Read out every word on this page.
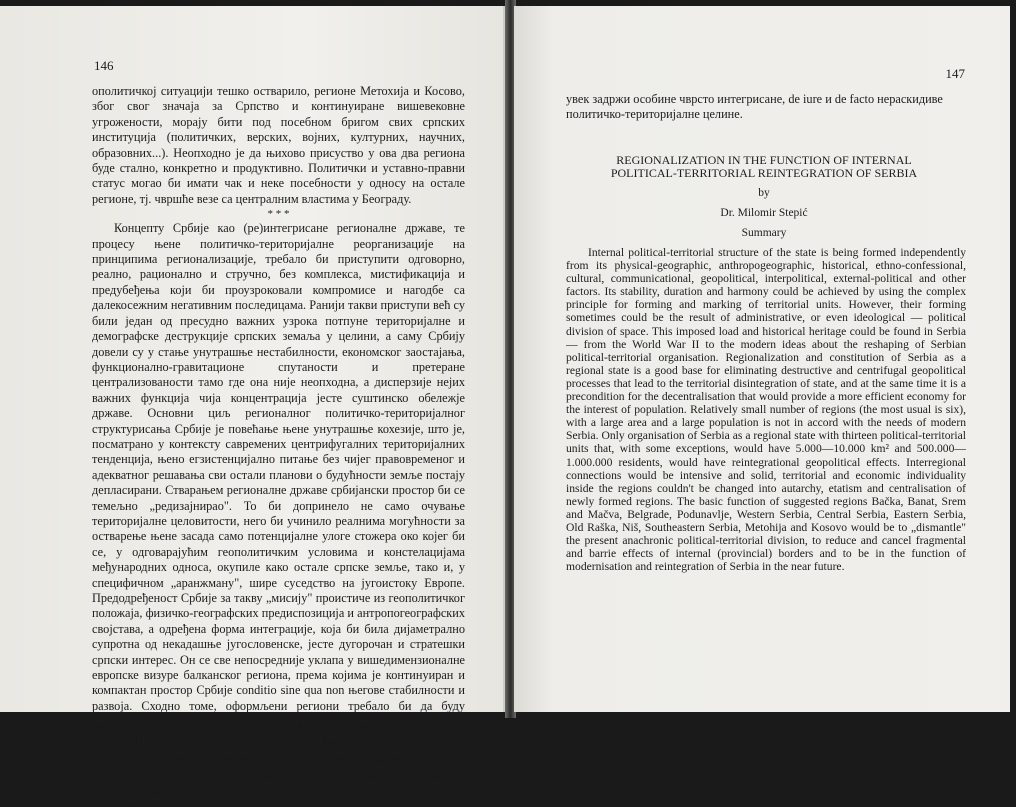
146
ополитичкој ситуацији тешко остварило, регионе Метохија и Косово, због свог значаја за Српство и континуиране вишевековне угрожености, морају бити под посебном бригом свих српских институција (политичких, верских, војних, културних, научних, образовних...). Неопходно је да њихово присуство у ова два региона буде стално, конкретно и продуктивно. Политички и уставно-правни статус могао би имати чак и неке посебности у односу на остале регионе, тј. чвршће везе са централним властима у Београду.
* * *
Концепту Србије као (ре)интегрисане регионалне државе, те процесу њене политичко-територијалне реорганизације на принципима регионализације, требало би приступити одговорно, реално, рационално и стручно, без комплекса, мистификација и предубеђења који би проузроковали компромисе и нагодбе са далекосежним негативним последицама. Ранији такви приступи већ су били један од пресудно важних узрока потпуне територијалне и демографске деструкције српских земаља у целини, а саму Србију довели су у стање унутрашње нестабилности, економског заостајања, функционално-гравитационе спутаности и претеране централизованости тамо где она није неопходна, а дисперзије нејих важних функција чија концентрација јесте суштинско обележје државе. Основни циљ регионалног политичко-територијалног структурисања Србије је повећање њене унутрашње кохезије, што је, посматрано у контексту савремених центрифугалних територијалних тенденција, њено егзистенцијално питање без чијег правовременог и адекватног решавања сви остали планови о будућности земље постају депласирани. Стварањем регионалне државе србијански простор би се темељно „редизајнирао". То би допринело не само очување територијалне целовитости, него би учинило реалнима могућности за остварење њене засада само потенцијалне улоге стожера око којег би се, у одговарајућим геополитичким условима и констелацијама међународних односа, окупиле како остале српске земље, тако и, у специфичном „аранжману", шире суседство на југоистоку Европе. Предодређеност Србије за такву „мисију" проистиче из геополитичког положаја, физичко-географских предиспозиција и антропогеографских својстава, а одређена форма интеграције, која би била дијаметрално супротна од некадашње југословенске, јесте дугорочан и стратешки српски интерес. Он се све непосредније уклапа у вишедимензионалне европске визуре балканског региона, према којима је континуиран и компактан простор Србије conditio sine qua non његове стабилности и развоја. Сходно томе, оформљени региони требало би да буду релативно многобројни и да имају такве просторне одлике, границе, административна средишта, мрежу саобраћајница, уставно-правни статус и економско-финансијска овлашћења који не би били стационаран, него променљив и прилагодљив систем, али без могућности да „метастазира" у генератора нових подела, антагонизама и распада, него да
147
увек задржи особине чврсто интегрисане, de iure и de facto нераскидиве политичко-територијалне целине.
REGIONALIZATION IN THE FUNCTION OF INTERNAL
POLITICAL-TERRITORIAL REINTEGRATION OF SERBIA
by
Dr. Milomir Stepić
Summary
Internal political-territorial structure of the state is being formed independently from its physical-geographic, anthropogeographic, historical, ethno-confessional, cultural, communicational, geopolitical, interpolitical, external-political and other factors. Its stability, duration and harmony could be achieved by using the complex principle for forming and marking of territorial units. However, their forming sometimes could be the result of administrative, or even ideological — political division of space. This imposed load and historical heritage could be found in Serbia — from the World War II to the modern ideas about the reshaping of Serbian political-territorial organisation. Regionalization and constitution of Serbia as a regional state is a good base for eliminating destructive and centrifugal geopolitical processes that lead to the territorial disintegration of state, and at the same time it is a precondition for the decentralisation that would provide a more efficient economy for the interest of population. Relatively small number of regions (the most usual is six), with a large area and a large population is not in accord with the needs of modern Serbia. Only organisation of Serbia as a regional state with thirteen political-territorial units that, with some exceptions, would have 5.000—10.000 km² and 500.000—1.000.000 residents, would have reintegrational geopolitical effects. Interregional connections would be intensive and solid, territorial and economic individuality inside the regions couldn't be changed into autarchy, etatism and centralisation of newly formed regions. The basic function of suggested regions Bačka, Banat, Srem and Mačva, Belgrade, Podunavlje, Western Serbia, Central Serbia, Eastern Serbia, Old Raška, Niš, Southeastern Serbia, Metohija and Kosovo would be to „dismantle" the present anachronic political-territorial division, to reduce and cancel fragmental and barrie effects of internal (provincial) borders and to be in the function of modernisation and reintegration of Serbia in the near future.
